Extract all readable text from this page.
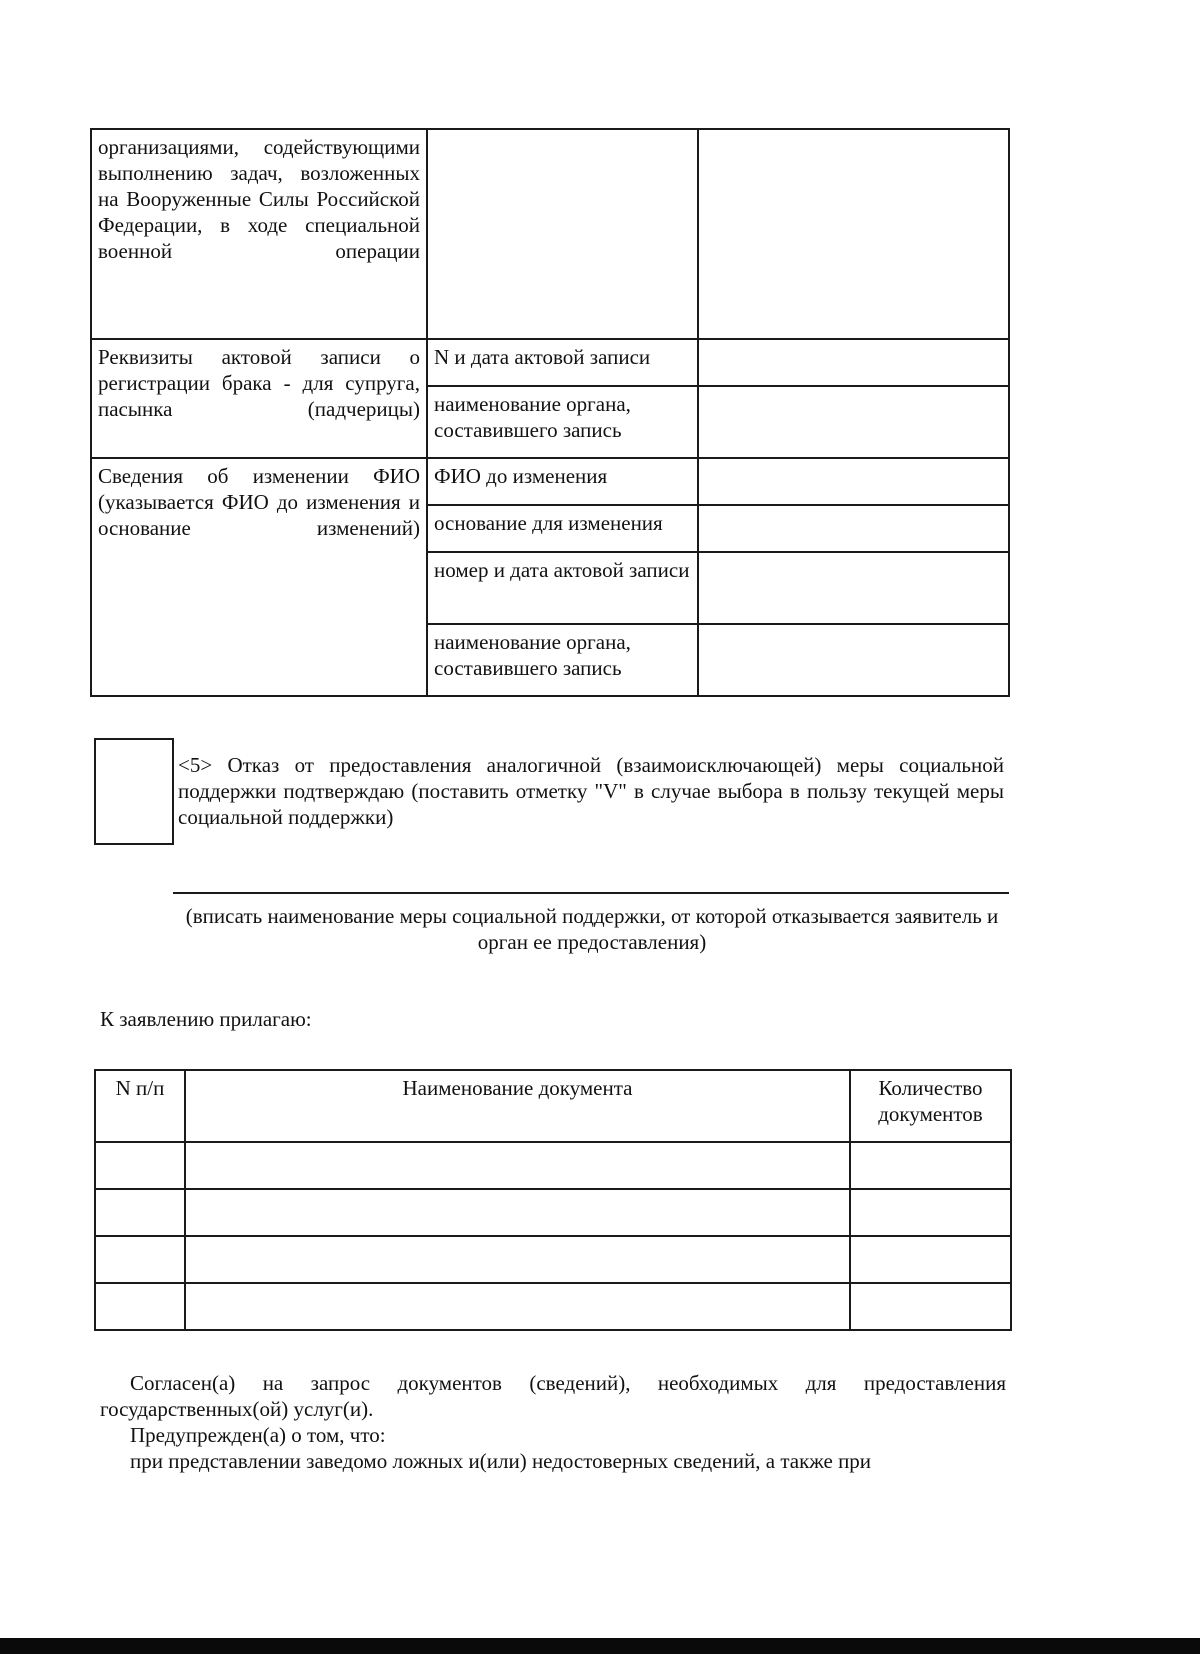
организациями, содействующими выполнению задач, возложенных на Вооруженные Силы Российской Федерации, в ходе специальной военной операции		

Реквизиты актовой записи о регистрации брака - для супруга, пасынка (падчерицы)	N и дата актовой записи	
	наименование органа, составившего запись	

Сведения об изменении ФИО (указывается ФИО до изменения и основание изменений)	ФИО до изменения	
	основание для изменения	
	номер и дата актовой записи	
	наименование органа, составившего запись	
<5> Отказ от предоставления аналогичной (взаимоисключающей) меры социальной поддержки подтверждаю (поставить отметку "V" в случае выбора в пользу текущей меры социальной поддержки)
(вписать наименование меры социальной поддержки, от которой отказывается заявитель и орган ее предоставления)
К заявлению прилагаю:
N п/п	Наименование документа	Количество документов

Согласен(а) на запрос документов (сведений), необходимых для предоставления государственных(ой) услуг(и).

Предупрежден(а) о том, что:

при представлении заведомо ложных и(или) недостоверных сведений, а также при
